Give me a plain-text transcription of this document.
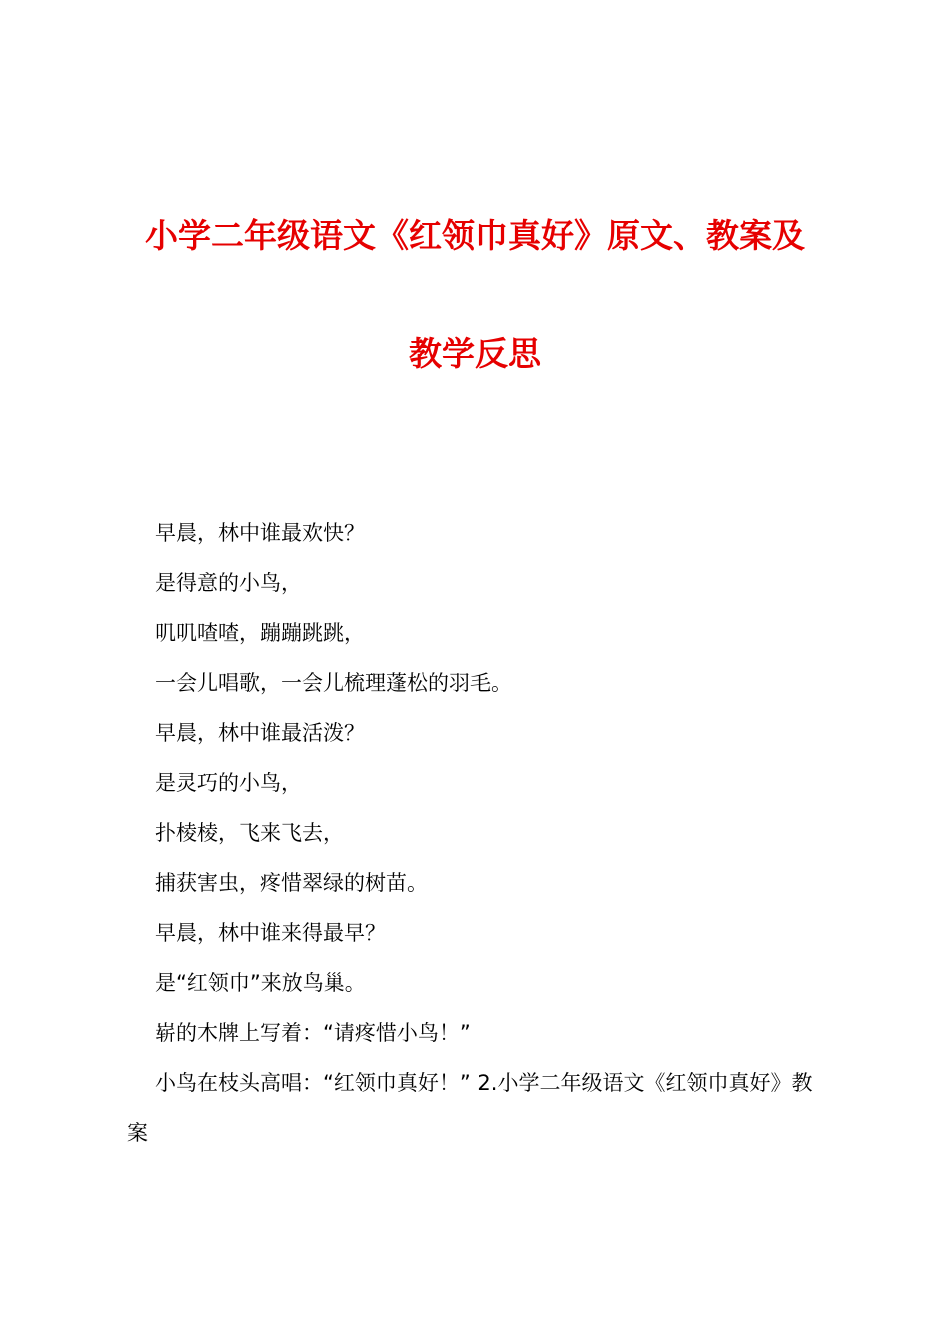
小学二年级语文《红领巾真好》原文、教案及
教学反思

早晨，林中谁最欢快？

是得意的小鸟，

叽叽喳喳，蹦蹦跳跳，

一会儿唱歌，一会儿梳理蓬松的羽毛。

早晨，林中谁最活泼？

是灵巧的小鸟，

扑棱棱，飞来飞去，

捕获害虫，疼惜翠绿的树苗。

早晨，林中谁来得最早？

是“红领巾”来放鸟巢。

崭的木牌上写着：“请疼惜小鸟！”

小鸟在枝头高唱：“红领巾真好！” 2.小学二年级语文《红领巾真好》教案
